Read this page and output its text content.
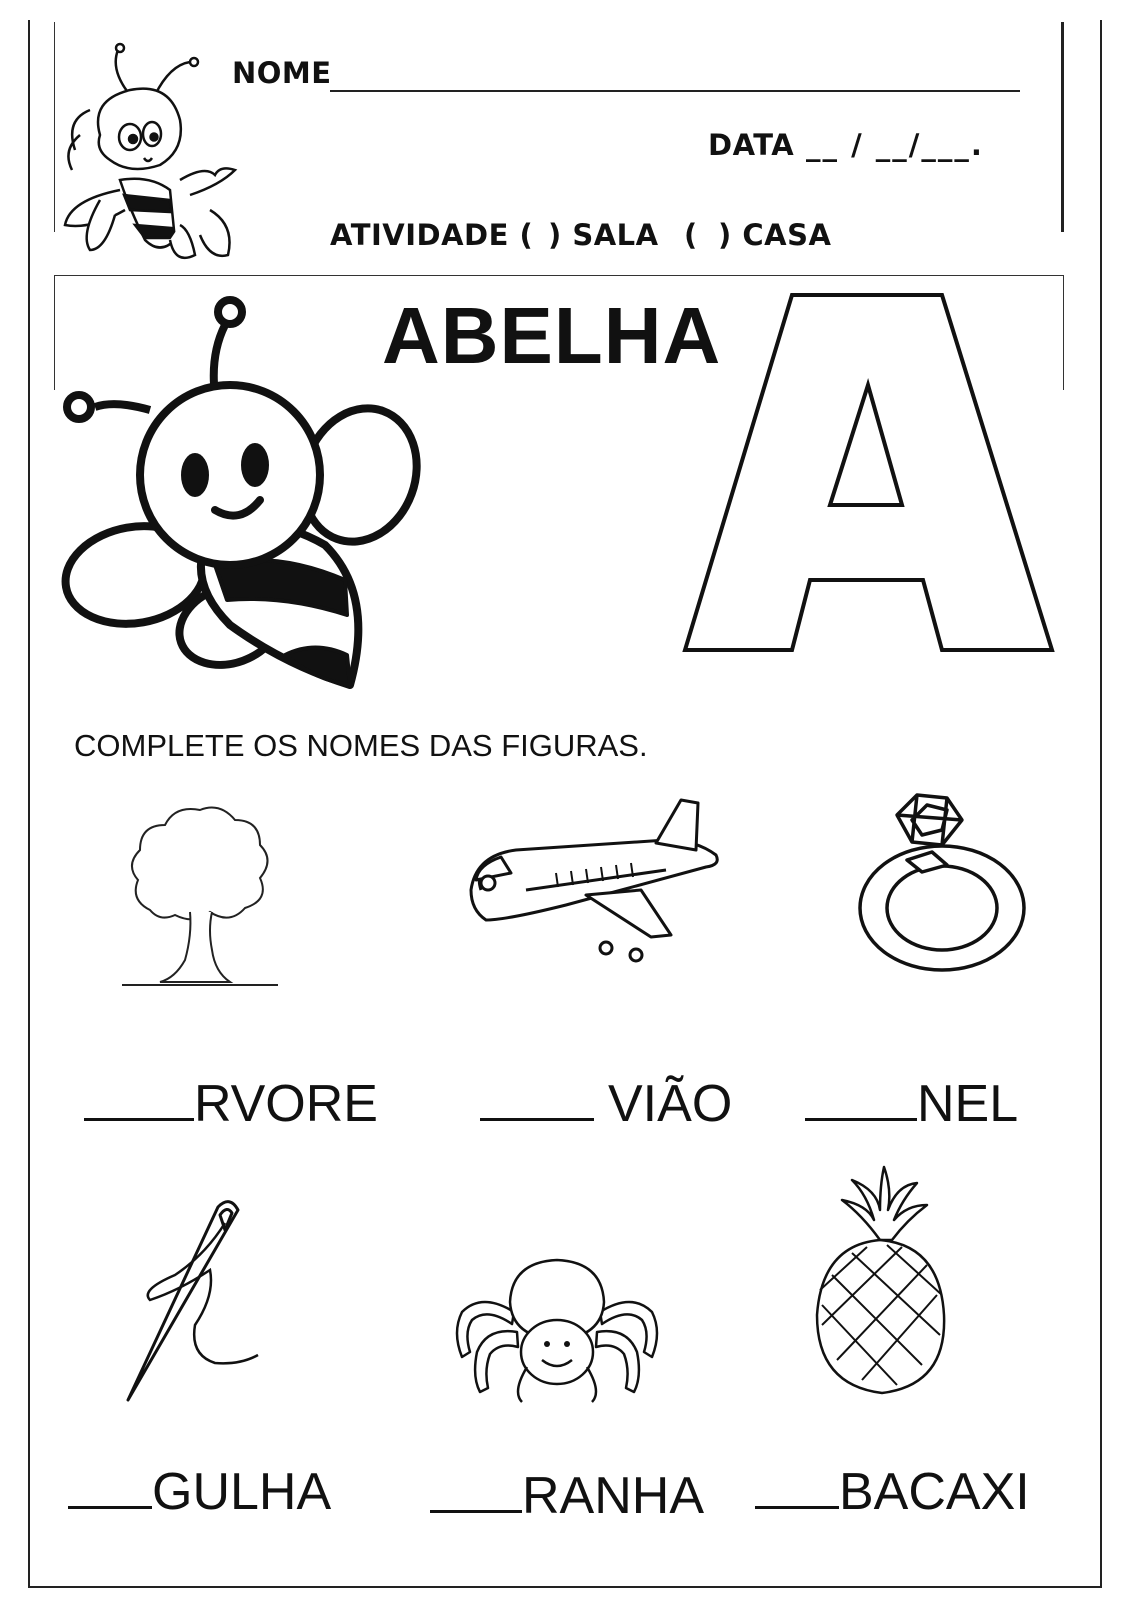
NOME
DATA __ / __/___.
ATIVIDADE ( ) SALA ( ) CASA
ABELHA
A
COMPLETE OS NOMES DAS FIGURAS.
RVORE	VIÃO	NEL
GULHA	RANHA	BACAXI
